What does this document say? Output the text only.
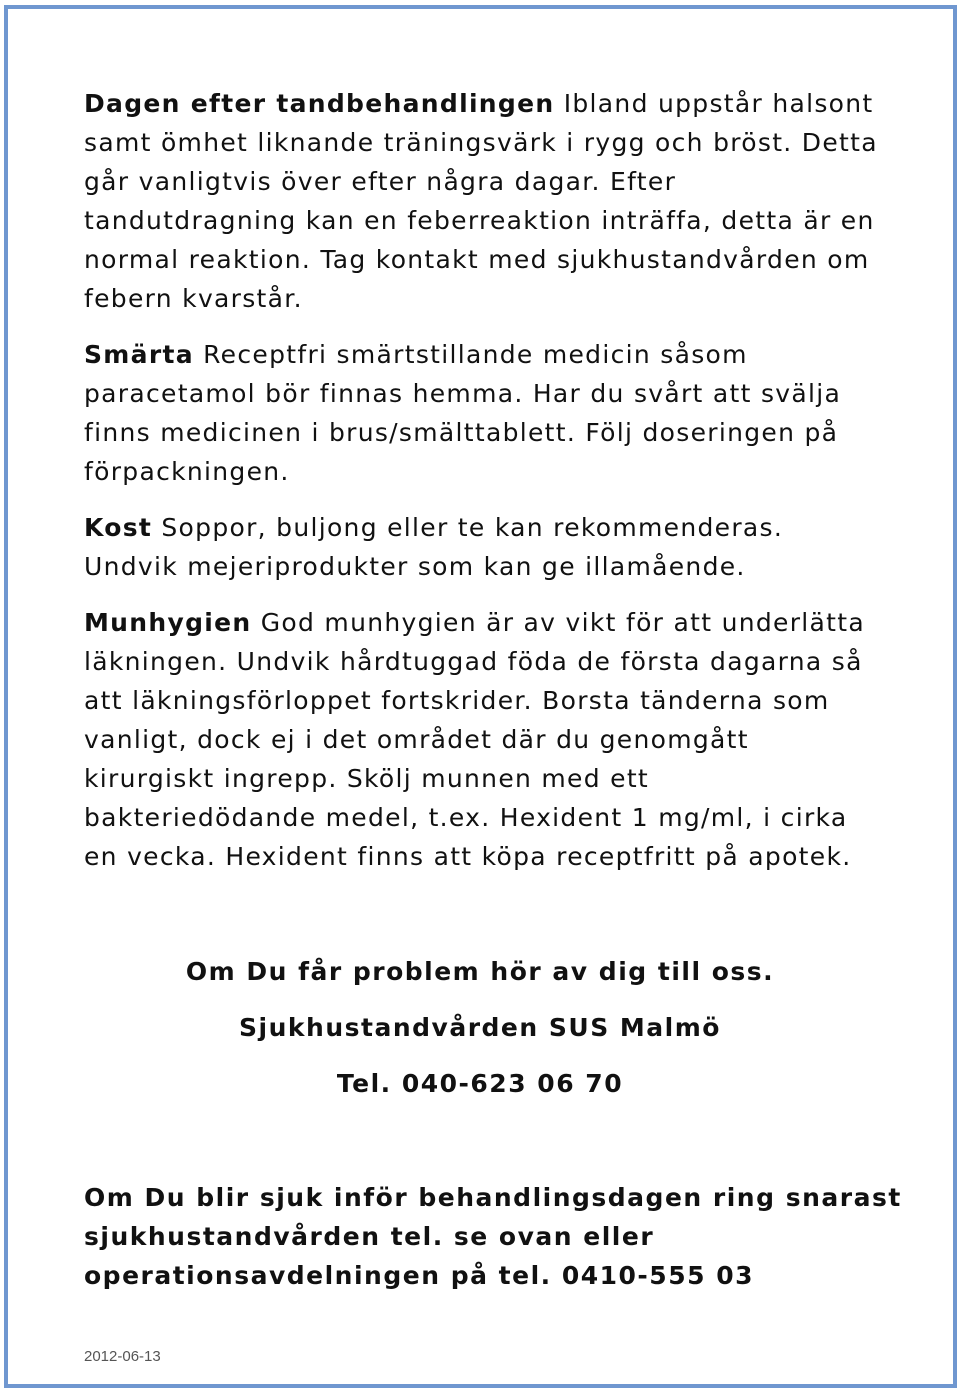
Dagen efter tandbehandlingen Ibland uppstår halsont samt ömhet liknande träningsvärk i rygg och bröst. Detta går vanligtvis över efter några dagar. Efter tandutdragning kan en feberreaktion inträffa, detta är en normal reaktion. Tag kontakt med sjukhustandvården om febern kvarstår.

Smärta Receptfri smärtstillande medicin såsom paracetamol bör finnas hemma. Har du svårt att svälja finns medicinen i brus/smälttablett. Följ doseringen på förpackningen.

Kost Soppor, buljong eller te kan rekommenderas. Undvik mejeriprodukter som kan ge illamående.

Munhygien God munhygien är av vikt för att underlätta läkningen. Undvik hårdtuggad föda de första dagarna så att läkningsförloppet fortskrider. Borsta tänderna som vanligt, dock ej i det området där du genomgått kirurgiskt ingrepp. Skölj munnen med ett bakteriedödande medel, t.ex. Hexident 1 mg/ml, i cirka en vecka. Hexident finns att köpa receptfritt på apotek.

Om Du får problem hör av dig till oss.
Sjukhustandvården SUS Malmö
Tel. 040-623 06 70

Om Du blir sjuk inför behandlingsdagen ring snarast sjukhustandvården tel. se ovan eller operationsavdelningen på tel. 0410-555 03

2012-06-13
